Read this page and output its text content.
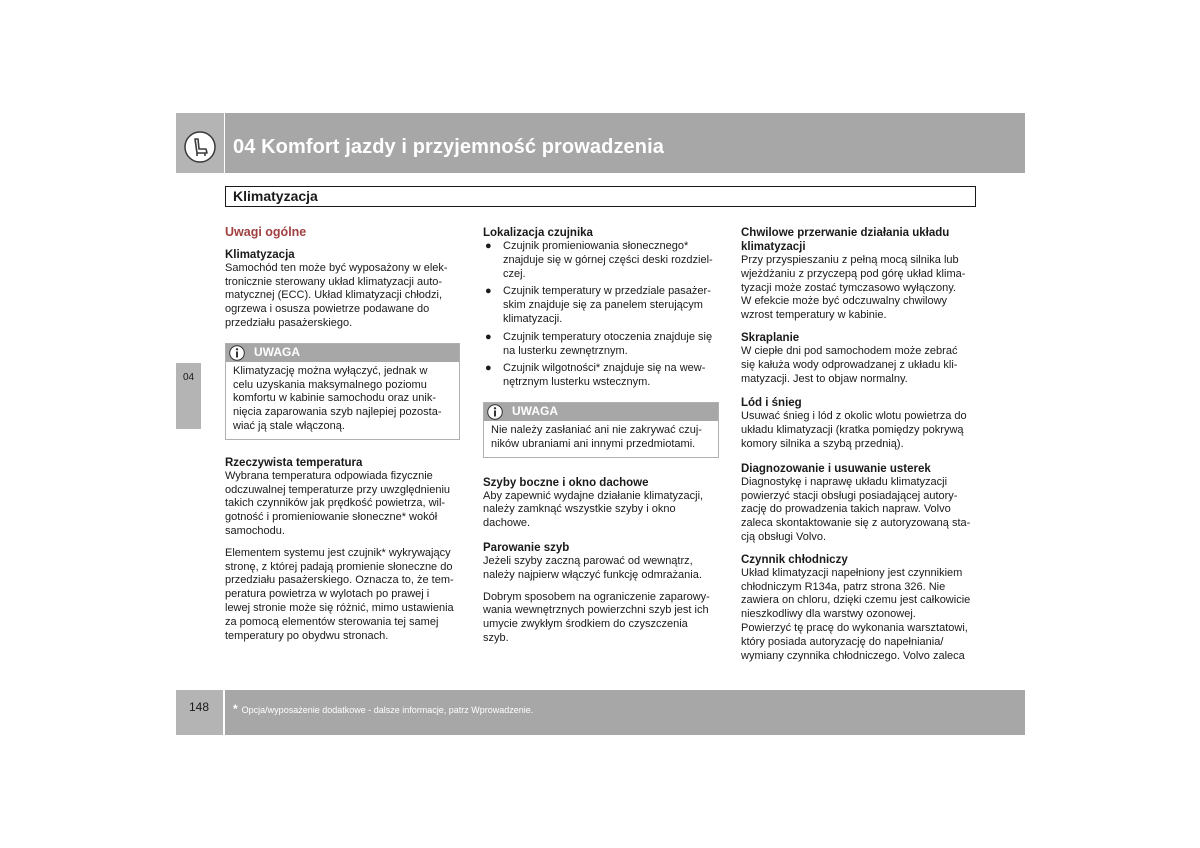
04 Komfort jazdy i przyjemność prowadzenia
Klimatyzacja
04
Uwagi ogólne
Klimatyzacja

Samochód ten może być wyposażony w elek-
tronicznie sterowany układ klimatyzacji auto-
matycznej (ECC). Układ klimatyzacji chłodzi,
ogrzewa i osusza powietrze podawane do
przedziału pasażerskiego.

UWAGA
Klimatyzację można wyłączyć, jednak w
celu uzyskania maksymalnego poziomu
komfortu w kabinie samochodu oraz unik-
nięcia zaparowania szyb najlepiej pozosta-
wiać ją stale włączoną.
Rzeczywista temperatura

Wybrana temperatura odpowiada fizycznie
odczuwalnej temperaturze przy uwzględnieniu
takich czynników jak prędkość powietrza, wil-
gotność i promieniowanie słoneczne* wokół
samochodu.

Elementem systemu jest czujnik* wykrywający
stronę, z której padają promienie słoneczne do
przedziału pasażerskiego. Oznacza to, że tem-
peratura powietrza w wylotach po prawej i
lewej stronie może się różnić, mimo ustawienia
za pomocą elementów sterowania tej samej
temperatury po obydwu stronach.

Lokalizacja czujnika
● Czujnik promieniowania słonecznego*
znajduje się w górnej części deski rozdziel-
czej.
● Czujnik temperatury w przedziale pasażer-
skim znajduje się za panelem sterującym
klimatyzacji.
● Czujnik temperatury otoczenia znajduje się
na lusterku zewnętrznym.
● Czujnik wilgotności* znajduje się na wew-
nętrznym lusterku wstecznym.
UWAGA
Nie należy zasłaniać ani nie zakrywać czuj-
ników ubraniami ani innymi przedmiotami.
Szyby boczne i okno dachowe

Aby zapewnić wydajne działanie klimatyzacji,
należy zamknąć wszystkie szyby i okno
dachowe.

Parowanie szyb

Jeżeli szyby zaczną parować od wewnątrz,
należy najpierw włączyć funkcję odmrażania.

Dobrym sposobem na ograniczenie zaparowy-
wania wewnętrznych powierzchni szyb jest ich
umycie zwykłym środkiem do czyszczenia
szyb.

Chwilowe przerwanie działania układu
klimatyzacji

Przy przyspieszaniu z pełną mocą silnika lub
wjeżdżaniu z przyczepą pod górę układ klima-
tyzacji może zostać tymczasowo wyłączony.
W efekcie może być odczuwalny chwilowy
wzrost temperatury w kabinie.

Skraplanie

W ciepłe dni pod samochodem może zebrać
się kałuża wody odprowadzanej z układu kli-
matyzacji. Jest to objaw normalny.

Lód i śnieg

Usuwać śnieg i lód z okolic wlotu powietrza do
układu klimatyzacji (kratka pomiędzy pokrywą
komory silnika a szybą przednią).

Diagnozowanie i usuwanie usterek

Diagnostykę i naprawę układu klimatyzacji
powierzyć stacji obsługi posiadającej autory-
zację do prowadzenia takich napraw. Volvo
zaleca skontaktowanie się z autoryzowaną sta-
cją obsługi Volvo.

Czynnik chłodniczy

Układ klimatyzacji napełniony jest czynnikiem
chłodniczym R134a, patrz strona 326. Nie
zawiera on chloru, dzięki czemu jest całkowicie
nieszkodliwy dla warstwy ozonowej.
Powierzyć tę pracę do wykonania warsztatowi,
który posiada autoryzację do napełniania/
wymiany czynnika chłodniczego. Volvo zaleca

148 * Opcja/wyposażenie dodatkowe - dalsze informacje, patrz Wprowadzenie.
